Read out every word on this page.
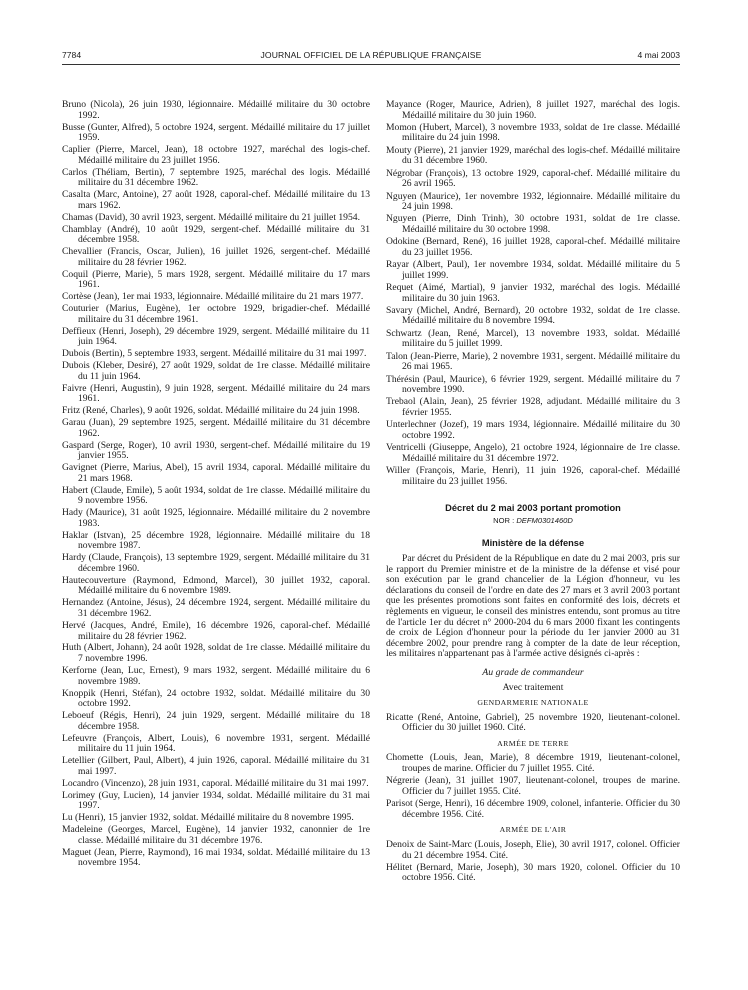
7784	JOURNAL OFFICIEL DE LA RÉPUBLIQUE FRANÇAISE	4 mai 2003
Bruno (Nicola), 26 juin 1930, légionnaire. Médaillé militaire du 30 octobre 1992.
Busse (Gunter, Alfred), 5 octobre 1924, sergent. Médaillé militaire du 17 juillet 1959.
Caplier (Pierre, Marcel, Jean), 18 octobre 1927, maréchal des logis-chef. Médaillé militaire du 23 juillet 1956.
Carlos (Théliam, Bertin), 7 septembre 1925, maréchal des logis. Médaillé militaire du 31 décembre 1962.
Casalta (Marc, Antoine), 27 août 1928, caporal-chef. Médaillé militaire du 13 mars 1962.
Chamas (David), 30 avril 1923, sergent. Médaillé militaire du 21 juillet 1954.
Chamblay (André), 10 août 1929, sergent-chef. Médaillé militaire du 31 décembre 1958.
Chevallier (Francis, Oscar, Julien), 16 juillet 1926, sergent-chef. Médaillé militaire du 28 février 1962.
Coquil (Pierre, Marie), 5 mars 1928, sergent. Médaillé militaire du 17 mars 1961.
Cortèse (Jean), 1er mai 1933, légionnaire. Médaillé militaire du 21 mars 1977.
Couturier (Marius, Eugène), 1er octobre 1929, brigadier-chef. Médaillé militaire du 31 décembre 1961.
Deffieux (Henri, Joseph), 29 décembre 1929, sergent. Médaillé militaire du 11 juin 1964.
Dubois (Bertin), 5 septembre 1933, sergent. Médaillé militaire du 31 mai 1997.
Dubois (Kleber, Desiré), 27 août 1929, soldat de 1re classe. Médaillé militaire du 11 juin 1964.
Faivre (Henri, Augustin), 9 juin 1928, sergent. Médaillé militaire du 24 mars 1961.
Fritz (René, Charles), 9 août 1926, soldat. Médaillé militaire du 24 juin 1998.
Garau (Juan), 29 septembre 1925, sergent. Médaillé militaire du 31 décembre 1962.
Gaspard (Serge, Roger), 10 avril 1930, sergent-chef. Médaillé militaire du 19 janvier 1955.
Gavignet (Pierre, Marius, Abel), 15 avril 1934, caporal. Médaillé militaire du 21 mars 1968.
Habert (Claude, Emile), 5 août 1934, soldat de 1re classe. Médaillé militaire du 9 novembre 1956.
Hady (Maurice), 31 août 1925, légionnaire. Médaillé militaire du 2 novembre 1983.
Haklar (Istvan), 25 décembre 1928, légionnaire. Médaillé militaire du 18 novembre 1987.
Hardy (Claude, François), 13 septembre 1929, sergent. Médaillé militaire du 31 décembre 1960.
Hautecouverture (Raymond, Edmond, Marcel), 30 juillet 1932, caporal. Médaillé militaire du 6 novembre 1989.
Hernandez (Antoine, Jésus), 24 décembre 1924, sergent. Médaillé militaire du 31 décembre 1962.
Hervé (Jacques, André, Emile), 16 décembre 1926, caporal-chef. Médaillé militaire du 28 février 1962.
Huth (Albert, Johann), 24 août 1928, soldat de 1re classe. Médaillé militaire du 7 novembre 1996.
Kerforne (Jean, Luc, Ernest), 9 mars 1932, sergent. Médaillé militaire du 6 novembre 1989.
Knoppik (Henri, Stéfan), 24 octobre 1932, soldat. Médaillé militaire du 30 octobre 1992.
Leboeuf (Régis, Henri), 24 juin 1929, sergent. Médaillé militaire du 18 décembre 1958.
Lefeuvre (François, Albert, Louis), 6 novembre 1931, sergent. Médaillé militaire du 11 juin 1964.
Letellier (Gilbert, Paul, Albert), 4 juin 1926, caporal. Médaillé militaire du 31 mai 1997.
Locandro (Vincenzo), 28 juin 1931, caporal. Médaillé militaire du 31 mai 1997.
Lorimey (Guy, Lucien), 14 janvier 1934, soldat. Médaillé militaire du 31 mai 1997.
Lu (Henri), 15 janvier 1932, soldat. Médaillé militaire du 8 novembre 1995.
Madeleine (Georges, Marcel, Eugène), 14 janvier 1932, canonnier de 1re classe. Médaillé militaire du 31 décembre 1976.
Maguet (Jean, Pierre, Raymond), 16 mai 1934, soldat. Médaillé militaire du 13 novembre 1954.
Mayance (Roger, Maurice, Adrien), 8 juillet 1927, maréchal des logis. Médaillé militaire du 30 juin 1960.
Momon (Hubert, Marcel), 3 novembre 1933, soldat de 1re classe. Médaillé militaire du 24 juin 1998.
Mouty (Pierre), 21 janvier 1929, maréchal des logis-chef. Médaillé militaire du 31 décembre 1960.
Négrobar (François), 13 octobre 1929, caporal-chef. Médaillé militaire du 26 avril 1965.
Nguyen (Maurice), 1er novembre 1932, légionnaire. Médaillé militaire du 24 juin 1998.
Nguyen (Pierre, Dinh Trinh), 30 octobre 1931, soldat de 1re classe. Médaillé militaire du 30 octobre 1998.
Odokine (Bernard, René), 16 juillet 1928, caporal-chef. Médaillé militaire du 23 juillet 1956.
Rayar (Albert, Paul), 1er novembre 1934, soldat. Médaillé militaire du 5 juillet 1999.
Requet (Aimé, Martial), 9 janvier 1932, maréchal des logis. Médaillé militaire du 30 juin 1963.
Savary (Michel, André, Bernard), 20 octobre 1932, soldat de 1re classe. Médaillé militaire du 8 novembre 1994.
Schwartz (Jean, René, Marcel), 13 novembre 1933, soldat. Médaillé militaire du 5 juillet 1999.
Talon (Jean-Pierre, Marie), 2 novembre 1931, sergent. Médaillé militaire du 26 mai 1965.
Thérésin (Paul, Maurice), 6 février 1929, sergent. Médaillé militaire du 7 novembre 1990.
Trebaol (Alain, Jean), 25 février 1928, adjudant. Médaillé militaire du 3 février 1955.
Unterlechner (Jozef), 19 mars 1934, légionnaire. Médaillé militaire du 30 octobre 1992.
Ventricelli (Giuseppe, Angelo), 21 octobre 1924, légionnaire de 1re classe. Médaillé militaire du 31 décembre 1972.
Willer (François, Marie, Henri), 11 juin 1926, caporal-chef. Médaillé militaire du 23 juillet 1956.
Décret du 2 mai 2003 portant promotion
NOR : DEFM0301460D
Ministère de la défense
Par décret du Président de la République en date du 2 mai 2003, pris sur le rapport du Premier ministre et de la ministre de la défense et visé pour son exécution par le grand chancelier de la Légion d'honneur, vu les déclarations du conseil de l'ordre en date des 27 mars et 3 avril 2003 portant que les présentes promotions sont faites en conformité des lois, décrets et règlements en vigueur, le conseil des ministres entendu, sont promus au titre de l'article 1er du décret n° 2000-204 du 6 mars 2000 fixant les contingents de croix de Légion d'honneur pour la période du 1er janvier 2000 au 31 décembre 2002, pour prendre rang à compter de la date de leur réception, les militaires n'appartenant pas à l'armée active désignés ci-après :
Au grade de commandeur
Avec traitement
GENDARMERIE NATIONALE
Ricatte (René, Antoine, Gabriel), 25 novembre 1920, lieutenant-colonel. Officier du 30 juillet 1960. Cité.
ARMÉE DE TERRE
Chomette (Louis, Jean, Marie), 8 décembre 1919, lieutenant-colonel, troupes de marine. Officier du 7 juillet 1955. Cité.
Négrerie (Jean), 31 juillet 1907, lieutenant-colonel, troupes de marine. Officier du 7 juillet 1955. Cité.
Parisot (Serge, Henri), 16 décembre 1909, colonel, infanterie. Officier du 30 décembre 1956. Cité.
ARMÉE DE L'AIR
Denoix de Saint-Marc (Louis, Joseph, Elie), 30 avril 1917, colonel. Officier du 21 décembre 1954. Cité.
Hélitet (Bernard, Marie, Joseph), 30 mars 1920, colonel. Officier du 10 octobre 1956. Cité.
